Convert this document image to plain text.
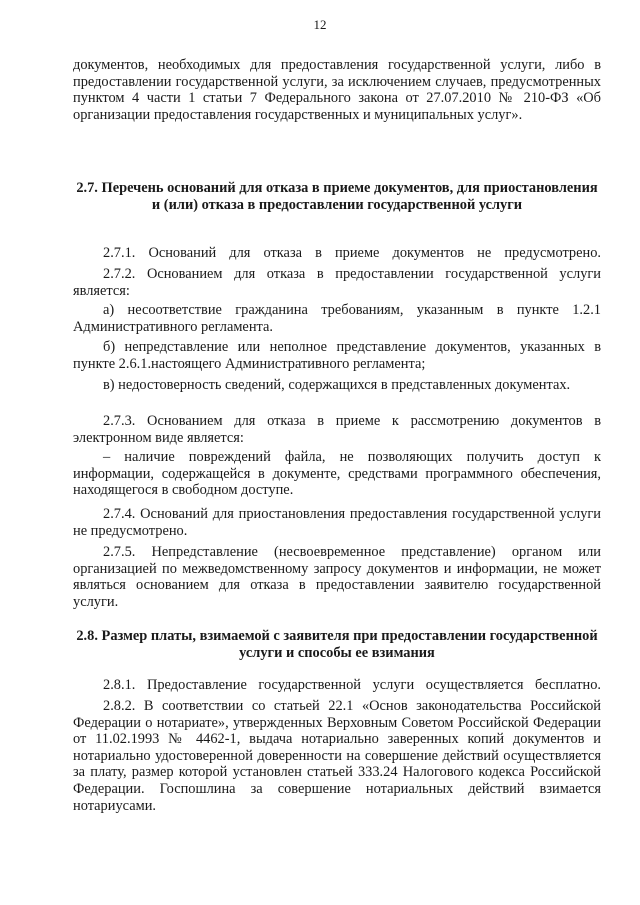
12

документов, необходимых для предоставления государственной услуги, либо в предоставлении государственной услуги, за исключением случаев, предусмотренных пунктом 4 части 1 статьи 7 Федерального закона от 27.07.2010 № 210-ФЗ «Об организации предоставления государственных и муниципальных услуг».

2.7. Перечень оснований для отказа в приеме документов, для приостановления и (или) отказа в предоставлении государственной услуги

2.7.1. Оснований для отказа в приеме документов не предусмотрено.

2.7.2. Основанием для отказа в предоставлении государственной услуги является:

а) несоответствие гражданина требованиям, указанным в пункте 1.2.1 Административного регламента.

б) непредставление или неполное представление документов, указанных в пункте 2.6.1.настоящего Административного регламента;

в) недостоверность сведений, содержащихся в представленных документах.

2.7.3. Основанием для отказа в приеме к рассмотрению документов в электронном виде является:

– наличие повреждений файла, не позволяющих получить доступ к информации, содержащейся в документе, средствами программного обеспечения, находящегося в свободном доступе.

2.7.4. Оснований для приостановления предоставления государственной услуги не предусмотрено.

2.7.5. Непредставление (несвоевременное представление) органом или организацией по межведомственному запросу документов и информации, не может являться основанием для отказа в предоставлении заявителю государственной услуги.

2.8. Размер платы, взимаемой с заявителя при предоставлении государственной услуги и способы ее взимания

2.8.1. Предоставление государственной услуги осуществляется бесплатно.

2.8.2. В соответствии со статьей 22.1 «Основ законодательства Российской Федерации о нотариате», утвержденных Верховным Советом Российской Федерации от 11.02.1993 № 4462-1, выдача нотариально заверенных копий документов и нотариально удостоверенной доверенности на совершение действий осуществляется за плату, размер которой установлен статьей 333.24 Налогового кодекса Российской Федерации. Госпошлина за совершение нотариальных действий взимается нотариусами.
